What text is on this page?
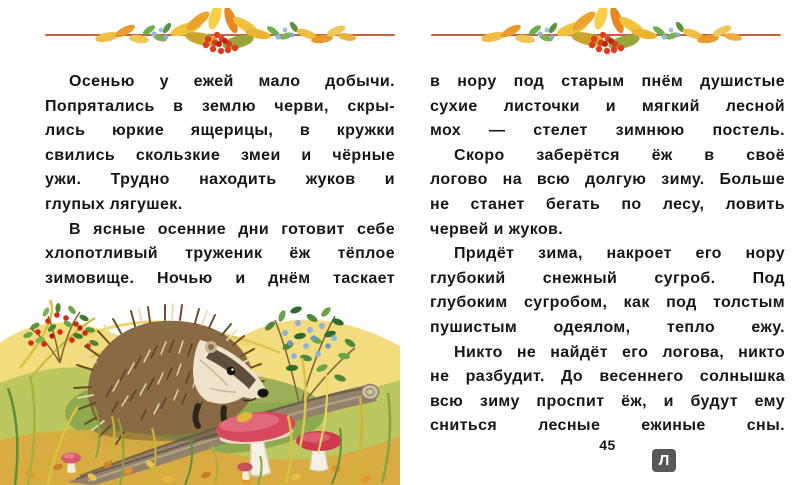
Осенью у ежей мало добычи.
Попрятались в землю черви, скры-
лись юркие ящерицы, в кружки
свились скользкие змеи и чёрные
ужи. Трудно находить жуков и
глупых лягушек.
В ясные осенние дни готовит себе
хлопотливый труженик ёж тёплое
зимовище. Ночью и днём таскает
в нору под старым пнём душистые
сухие листочки и мягкий лесной
мох — стелет зимнюю постель.
Скоро заберётся ёж в своё
логово на всю долгую зиму. Больше
не станет бегать по лесу, ловить
червей и жуков.
Придёт зима, накроет его нору
глубокий снежный сугроб. Под
глубоким сугробом, как под толстым
пушистым одеялом, тепло ежу.
Никто не найдёт его логова, никто
не разбудит. До весеннего солнышка
всю зиму проспит ёж, и будут ему
сниться лесные ежиные сны.
45
Л
